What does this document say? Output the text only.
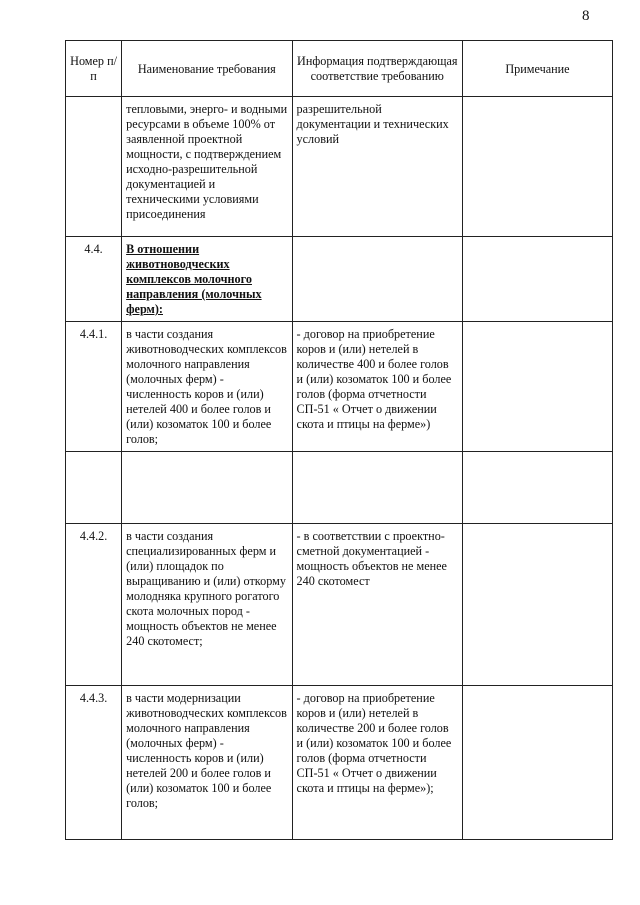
8
Номер п/п	Наименование требования	Информация подтверждающая соответствие требованию	Примечание
	тепловыми, энерго- и водными ресурсами в объеме 100% от заявленной проектной мощности, с подтверждением исходно-разрешительной документацией и техническими условиями присоединения	разрешительной документации и технических условий	
4.4.	В отношении животноводческих комплексов молочного направления (молочных ферм):		
4.4.1.	в части создания животноводческих комплексов молочного направления (молочных ферм) - численность коров и (или) нетелей 400 и более голов и (или) козоматок 100 и более голов;	- договор на приобретение коров и (или) нетелей в количестве 400 и более голов и (или) козоматок 100 и более голов (форма отчетности СП-51 « Отчет о движении скота и птицы на ферме»)	

4.4.2.	в части создания специализированных ферм и (или) площадок по выращиванию и (или) откорму молодняка крупного рогатого скота молочных пород - мощность объектов не менее 240 скотомест;	- в соответствии с проектно-сметной документацией - мощность объектов не менее 240 скотомест	
4.4.3.	в части модернизации животноводческих комплексов молочного направления (молочных ферм) - численность коров и (или) нетелей 200 и более голов и (или) козоматок 100 и более голов;	- договор на приобретение коров и (или) нетелей в количестве 200 и более голов и (или) козоматок 100 и более голов (форма отчетности СП-51 « Отчет о движении скота и птицы на ферме»);	
